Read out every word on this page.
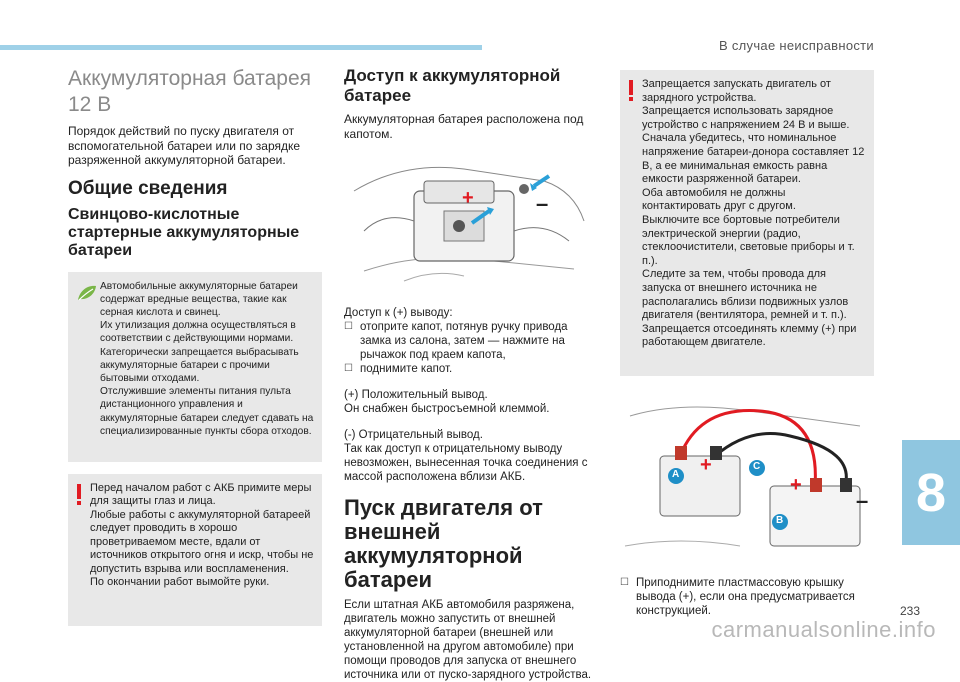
В случае неисправности
8
233
carmanualsonline.info
Аккумуляторная батарея 12 В
Порядок действий по пуску двигателя от вспомогательной батареи или по зарядке разряженной аккумуляторной батареи.
Общие сведения
Свинцово-кислотные стартерные аккумуляторные батареи
Автомобильные аккумуляторные батареи содержат вредные вещества, такие как серная кислота и свинец.
Их утилизация должна осуществляться в соответствии с действующими нормами. Категорически запрещается выбрасывать аккумуляторные батареи с прочими бытовыми отходами.
Отслужившие элементы питания пульта дистанционного управления и аккумуляторные батареи следует сдавать на специализированные пункты сбора отходов.
Перед началом работ с АКБ примите меры для защиты глаз и лица.
Любые работы с аккумуляторной батареей следует проводить в хорошо проветриваемом месте, вдали от источников открытого огня и искр, чтобы не допустить взрыва или воспламенения.
По окончании работ вымойте руки.
Доступ к аккумуляторной батарее
Аккумуляторная батарея расположена под капотом.
+	–
Доступ к (+) выводу:
☐ отоприте капот, потянув ручку привода замка из салона, затем — нажмите на рычажок под краем капота,
☐ поднимите капот.
(+) Положительный вывод.
Он снабжен быстросъемной клеммой.
(-) Отрицательный вывод.
Так как доступ к отрицательному выводу невозможен, вынесенная точка соединения с массой расположена вблизи АКБ.
Пуск двигателя от внешней аккумуляторной батареи
Если штатная АКБ автомобиля разряжена, двигатель можно запустить от внешней аккумуляторной батареи (внешней или установленной на другом автомобиле) при помощи проводов для запуска от внешнего источника или от пуско-зарядного устройства.
Запрещается запускать двигатель от зарядного устройства.
Запрещается использовать зарядное устройство с напряжением 24 В и выше.
Сначала убедитесь, что номинальное напряжение батареи-донора составляет 12 В, а ее минимальная емкость равна емкости разряженной батареи.
Оба автомобиля не должны контактировать друг с другом.
Выключите все бортовые потребители электрической энергии (радио, стеклоочистители, световые приборы и т. п.).
Следите за тем, чтобы провода для запуска от внешнего источника не располагались вблизи подвижных узлов двигателя (вентилятора, ремней и т. п.).
Запрещается отсоединять клемму (+) при работающем двигателе.
A
B
C
+
+
–
☐ Приподнимите пластмассовую крышку вывода (+), если она предусматривается конструкцией.
